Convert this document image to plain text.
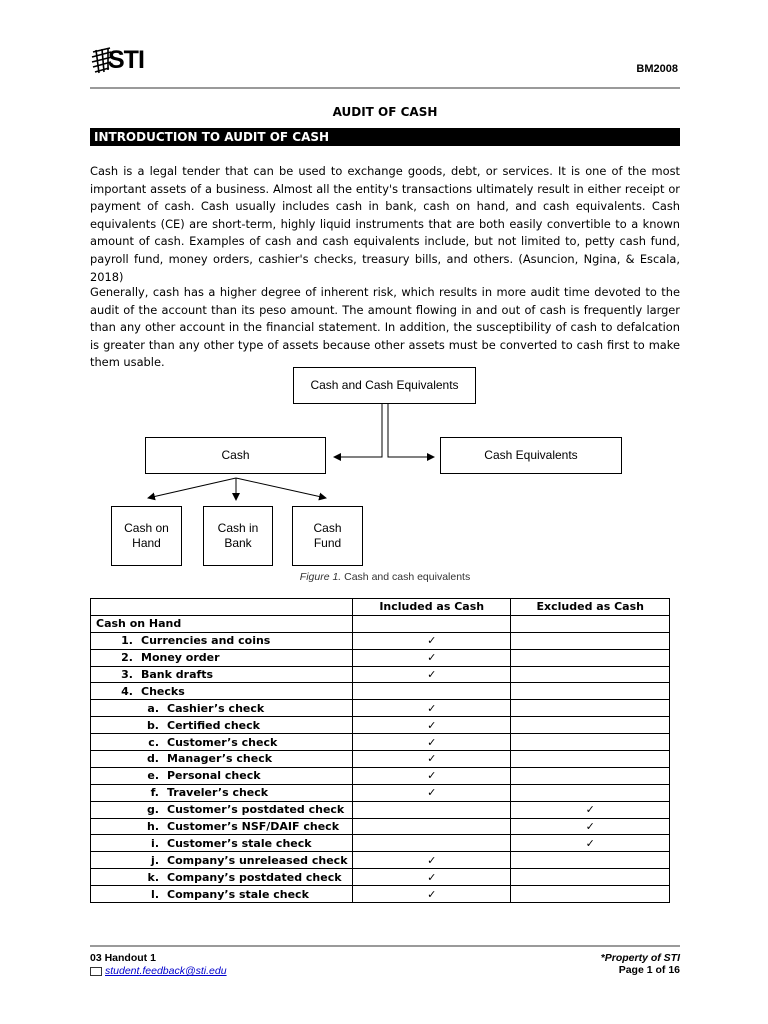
STI	BM2008
AUDIT OF CASH
INTRODUCTION TO AUDIT OF CASH
Cash is a legal tender that can be used to exchange goods, debt, or services. It is one of the most important assets of a business. Almost all the entity's transactions ultimately result in either receipt or payment of cash. Cash usually includes cash in bank, cash on hand, and cash equivalents. Cash equivalents (CE) are short-term, highly liquid instruments that are both easily convertible to a known amount of cash. Examples of cash and cash equivalents include, but not limited to, petty cash fund, payroll fund, money orders, cashier's checks, treasury bills, and others. (Asuncion, Ngina, & Escala, 2018)
Generally, cash has a higher degree of inherent risk, which results in more audit time devoted to the audit of the account than its peso amount. The amount flowing in and out of cash is frequently larger than any other account in the financial statement. In addition, the susceptibility of cash to defalcation is greater than any other type of assets because other assets must be converted to cash first to make them usable.
Cash and Cash Equivalents
Cash	Cash Equivalents
Cash on Hand
Cash in Bank
Cash Fund
Figure 1. Cash and cash equivalents
	Included as Cash	Excluded as Cash
Cash on Hand		
1. Currencies and coins	✓	
2. Money order	✓	
3. Bank drafts	✓	
4. Checks		
a. Cashier’s check	✓	
b. Certified check	✓	
c. Customer’s check	✓	
d. Manager’s check	✓	
e. Personal check	✓	
f. Traveler’s check	✓	
g. Customer’s postdated check		✓
h. Customer’s NSF/DAIF check		✓
i. Customer’s stale check		✓
j. Company’s unreleased check	✓	
k. Company’s postdated check	✓	
l. Company’s stale check	✓	
03 Handout 1
student.feedback@sti.edu
*Property of STI
Page 1 of 16
